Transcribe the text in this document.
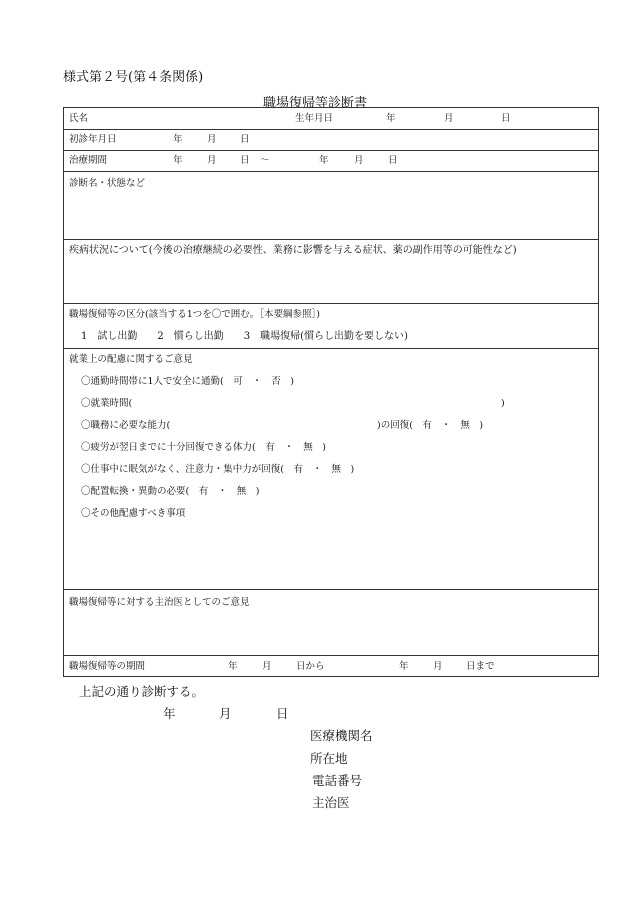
様式第２号(第４条関係)
職場復帰等診断書
氏名	生年月日	年	月	日
初診年月日	年	月 日
治療期間	年	月 日 ～	年	月	日
診断名・状態など
疾病状況について(今後の治療継続の必要性、業務に影響を与える症状、薬の副作用等の可能性など)
職場復帰等の区分(該当する1つを〇で囲む。［本要綱参照］)
1　試し出勤　　2　慣らし出勤　　3　職場復帰(慣らし出勤を要しない)
就業上の配慮に関するご意見
〇通勤時間帯に1人で安全に通勤(　可　・　否　)
〇就業時間(	)
〇職務に必要な能力(	)の回復(　有　・　無　)
〇疲労が翌日までに十分回復できる体力(　有　・　無　)
〇仕事中に眠気がなく、注意力・集中力が回復(　有　・　無　)
〇配置転換・異動の必要(　有　・　無　)
〇その他配慮すべき事項
職場復帰等に対する主治医としてのご意見
職場復帰等の期間	年	月	日から	年	月 日まで
上記の通り診断する。
年	月	日
医療機関名
所在地
電話番号
主治医
